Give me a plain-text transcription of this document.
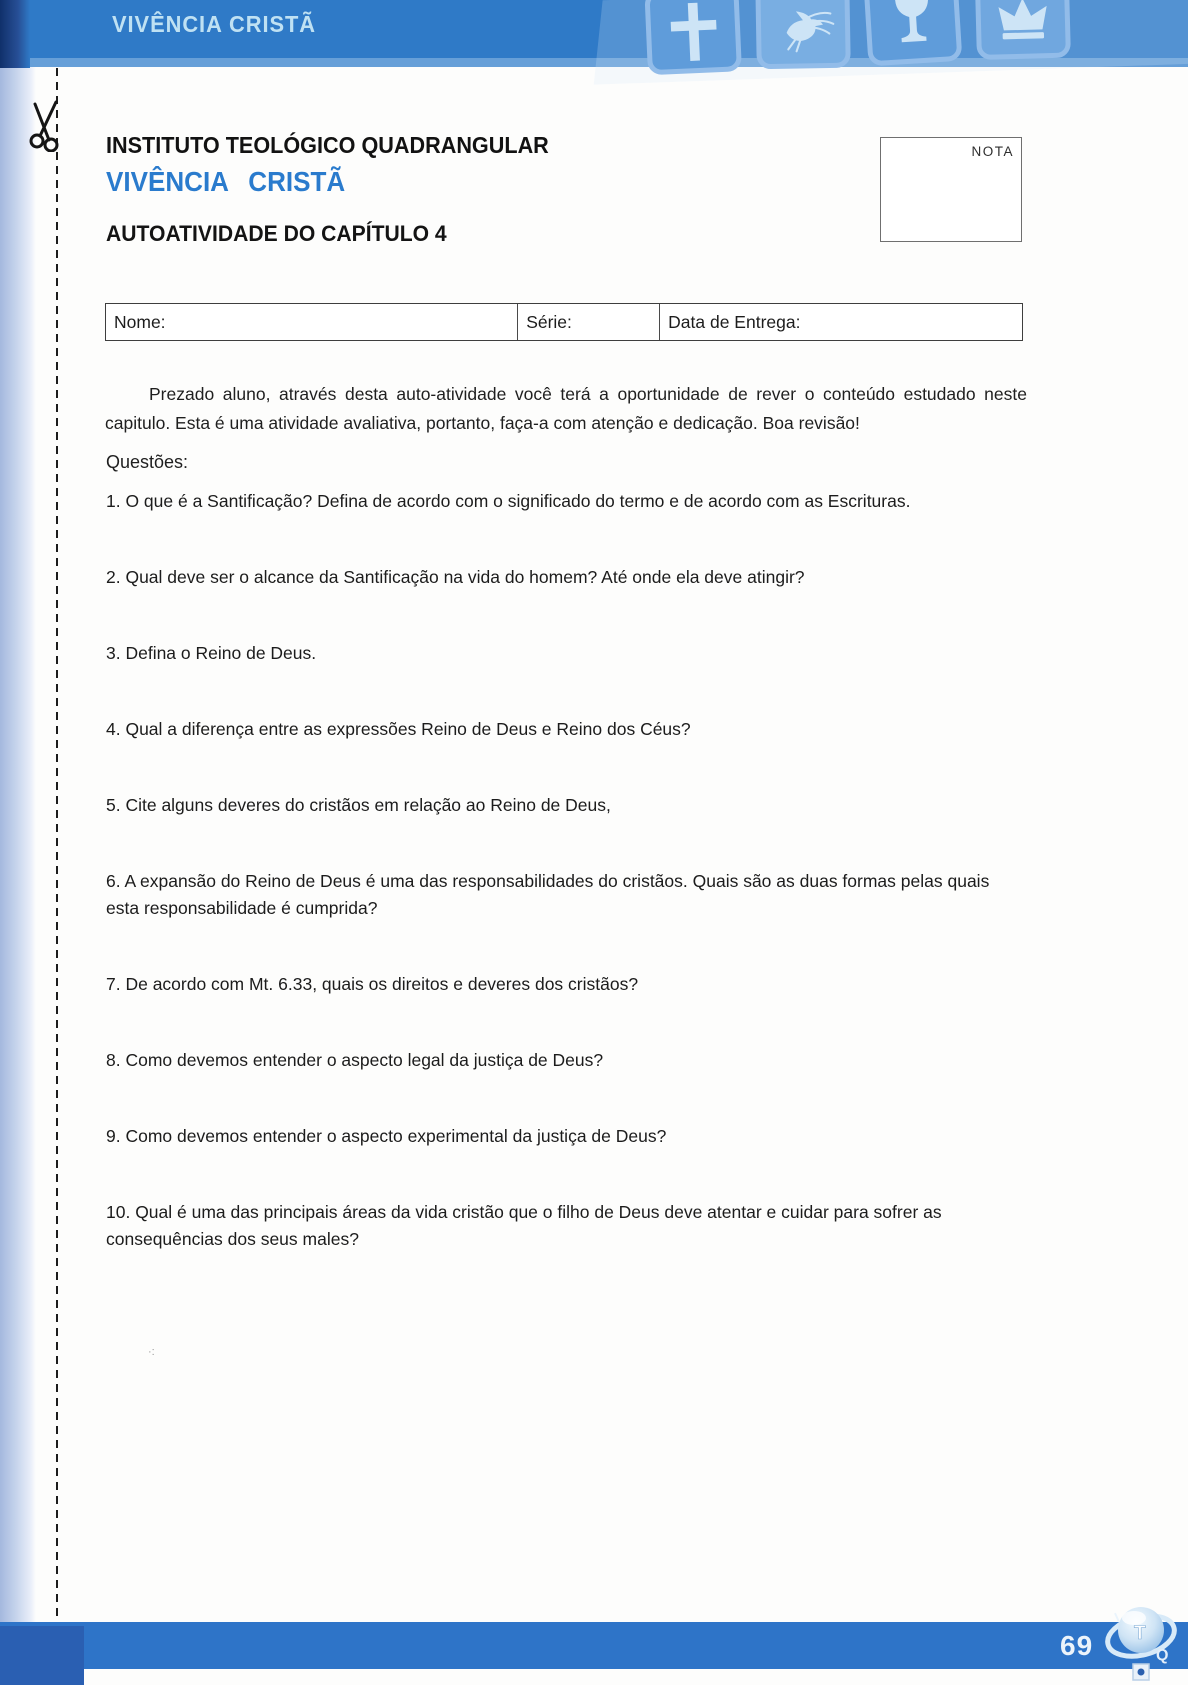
VIVÊNCIA CRISTÃ
INSTITUTO TEOLÓGICO QUADRANGULAR
VIVÊNCIA CRISTÃ
AUTOATIVIDADE DO CAPÍTULO 4
NOTA
Nome:	Série:	Data de Entrega:

Prezado aluno, através desta auto-atividade você terá a oportunidade de rever o conteúdo estudado neste capitulo. Esta é uma atividade avaliativa, portanto, faça-a com atenção e dedicação. Boa revisão!

Questões:
1. O que é a Santificação? Defina de acordo com o significado do termo e de acordo com as Escrituras.
2. Qual deve ser o alcance da Santificação na vida do homem? Até onde ela deve atingir?
3. Defina o Reino de Deus.
4. Qual a diferença entre as expressões Reino de Deus e Reino dos Céus?
5. Cite alguns deveres do cristãos em relação ao Reino de Deus,
6. A expansão do Reino de Deus é uma das responsabilidades do cristãos. Quais são as duas formas pelas quais esta responsabilidade é cumprida?
7. De acordo com Mt. 6.33, quais os direitos e deveres dos cristãos?
8. Como devemos entender o aspecto legal da justiça de Deus?
9. Como devemos entender o aspecto experimental da justiça de Deus?
10. Qual é uma das principais áreas da vida cristão que o filho de Deus deve atentar e cuidar para sofrer as consequências dos seus males?
·:
69
I
T
Q
